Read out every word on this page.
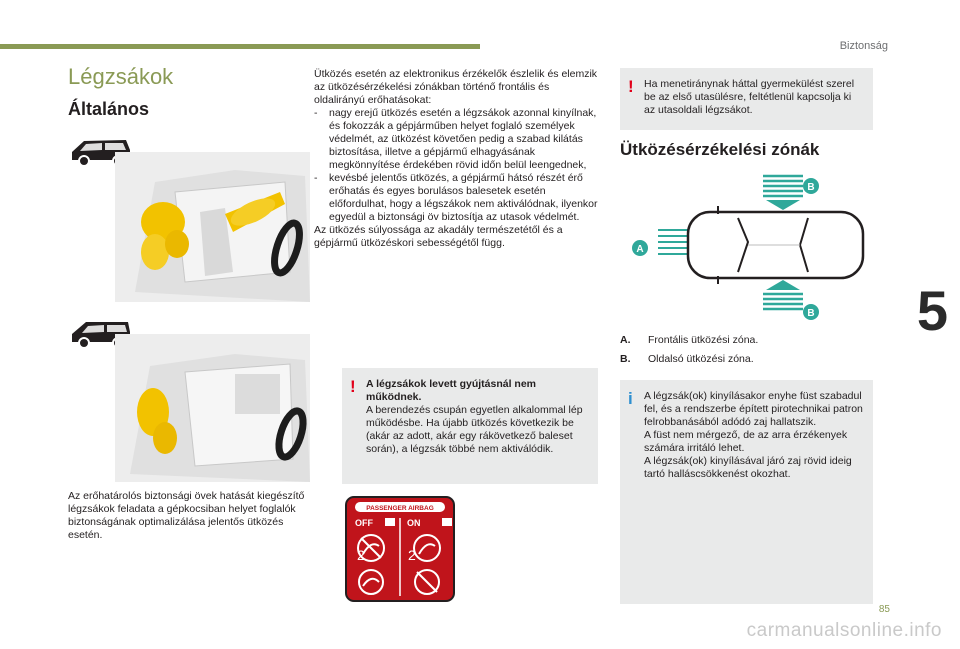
Biztonság
Légzsákok
Általános
Az erőhatárolós biztonsági övek hatását kiegészítő légzsákok feladata a gépkocsiban helyet foglalók biztonságának optimalizálása jelentős ütközés esetén.

Ütközés esetén az elektronikus érzékelők észlelik és elemzik az ütközésérzékelési zónákban történő frontális és oldalirányú erőhatásokat:

- nagy erejű ütközés esetén a légzsákok azonnal kinyílnak, és fokozzák a gépjárműben helyet foglaló személyek védelmét, az ütközést követően pedig a szabad kilátás biztosítása, illetve a gépjármű elhagyásának megkönnyítése érdekében rövid időn belül leengednek,

- kevésbé jelentős ütközés, a gépjármű hátsó részét érő erőhatás és egyes borulásos balesetek esetén előfordulhat, hogy a légszákok nem aktiválódnak, ilyenkor egyedül a biztonsági öv biztosítja az utasok védelmét.

Az ütközés súlyossága az akadály természetétől és a gépjármű ütközéskori sebességétől függ.

! A légzsákok levett gyújtásnál nem működnek.

A berendezés csupán egyetlen alkalommal lép működésbe. Ha újabb ütközés következik be (akár az adott, akár egy rákövetkező baleset során), a légzsák többé nem aktiválódik.

PASSENGER AIRBAG
OFF	ON
2	2
! Ha menetiránynak háttal gyermekülést szerel be az első utasülésre, feltétlenül kapcsolja ki az utasoldali légzsákot.

Ütközésérzékelési zónák
A
B
B
A. Frontális ütközési zóna.
B. Oldalsó ütközési zóna.
i A légzsák(ok) kinyílásakor enyhe füst szabadul fel, és a rendszerbe épített pirotechnikai patron felrobbanásából adódó zaj hallatszik.

A füst nem mérgező, de az arra érzékenyek számára irritáló lehet.

A légzsák(ok) kinyílásával járó zaj rövid ideig tartó halláscsökkenést okozhat.

5
85
carmanualsonline.info
